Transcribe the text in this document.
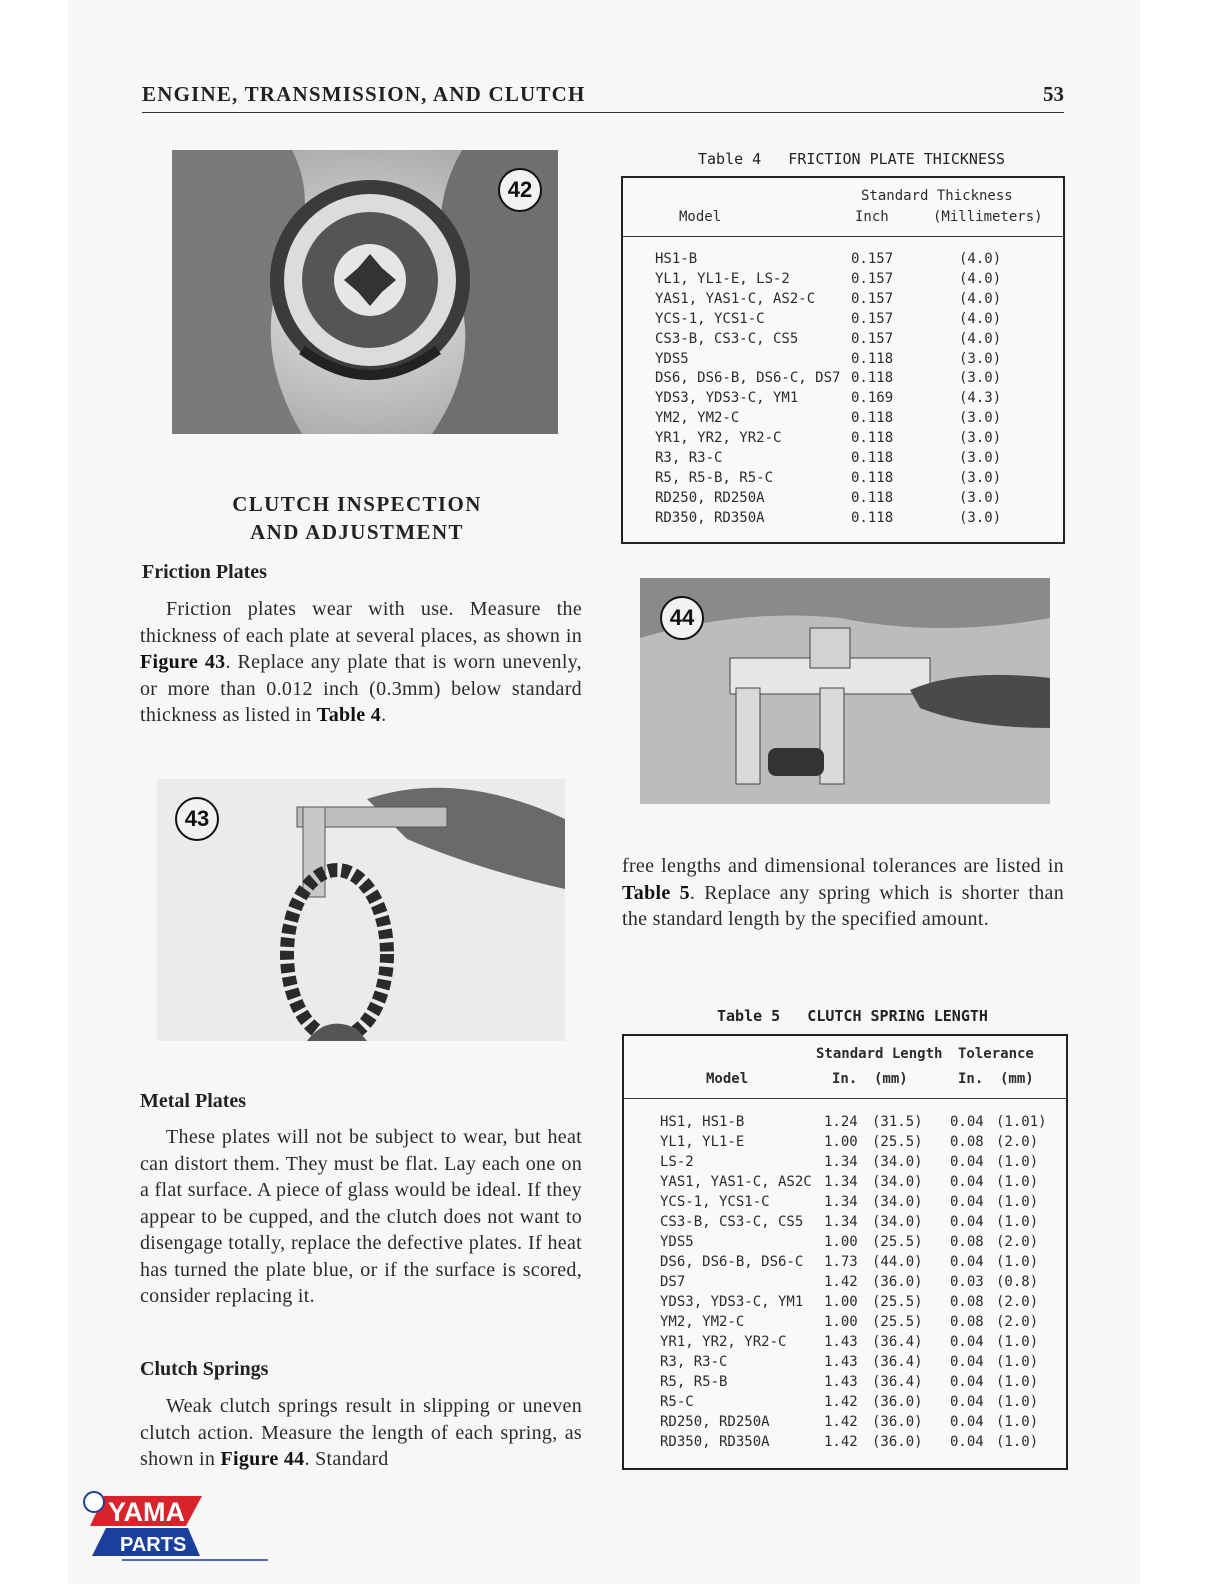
ENGINE, TRANSMISSION, AND CLUTCH	53
42
CLUTCH INSPECTION
AND ADJUSTMENT
Friction Plates
Friction plates wear with use. Measure the thickness of each plate at several places, as shown in Figure 43. Replace any plate that is worn unevenly, or more than 0.012 inch (0.3mm) below standard thickness as listed in Table 4.
43
Metal Plates
These plates will not be subject to wear, but heat can distort them. They must be flat. Lay each one on a flat surface. A piece of glass would be ideal. If they appear to be cupped, and the clutch does not want to disengage totally, replace the defective plates. If heat has turned the plate blue, or if the surface is scored, consider replacing it.
Clutch Springs
Weak clutch springs result in slipping or uneven clutch action. Measure the length of each spring, as shown in Figure 44. Standard
Table 4   FRICTION PLATE THICKNESS
Standard Thickness
Model	Inch	(Millimeters)
HS1-B	0.157	(4.0)
YL1, YL1-E, LS-2	0.157	(4.0)
YAS1, YAS1-C, AS2-C	0.157	(4.0)
YCS-1, YCS1-C	0.157	(4.0)
CS3-B, CS3-C, CS5	0.157	(4.0)
YDS5	0.118	(3.0)
DS6, DS6-B, DS6-C, DS7 0.118	(3.0)
YDS3, YDS3-C, YM1	0.169	(4.3)
YM2, YM2-C	0.118	(3.0)
YR1, YR2, YR2-C	0.118	(3.0)
R3, R3-C	0.118	(3.0)
R5, R5-B, R5-C	0.118	(3.0)
RD250, RD250A	0.118	(3.0)
RD350, RD350A	0.118	(3.0)
44
free lengths and dimensional tolerances are listed in Table 5. Replace any spring which is shorter than the standard length by the specified amount.
Table 5   CLUTCH SPRING LENGTH
Standard Length Tolerance
Model	In. (mm)	In. (mm)
HS1, HS1-B	1.24 (31.5) 0.04 (1.01)
YL1, YL1-E	1.00 (25.5) 0.08 (2.0)
LS-2	1.34 (34.0) 0.04 (1.0)
YAS1, YAS1-C, AS2C 1.34 (34.0) 0.04 (1.0)
YCS-1, YCS1-C	1.34 (34.0) 0.04 (1.0)
CS3-B, CS3-C, CS5 1.34 (34.0) 0.04 (1.0)
YDS5	1.00 (25.5) 0.08 (2.0)
DS6, DS6-B, DS6-C 1.73 (44.0) 0.04 (1.0)
DS7	1.42 (36.0) 0.03 (0.8)
YDS3, YDS3-C, YM1 1.00 (25.5) 0.08 (2.0)
YM2, YM2-C	1.00 (25.5) 0.08 (2.0)
YR1, YR2, YR2-C	1.43 (36.4) 0.04 (1.0)
R3, R3-C	1.43 (36.4) 0.04 (1.0)
R5, R5-B	1.43 (36.4) 0.04 (1.0)
R5-C	1.42 (36.0) 0.04 (1.0)
RD250, RD250A	1.42 (36.0) 0.04 (1.0)
RD350, RD350A	1.42 (36.0) 0.04 (1.0)
YAMA
PARTS
